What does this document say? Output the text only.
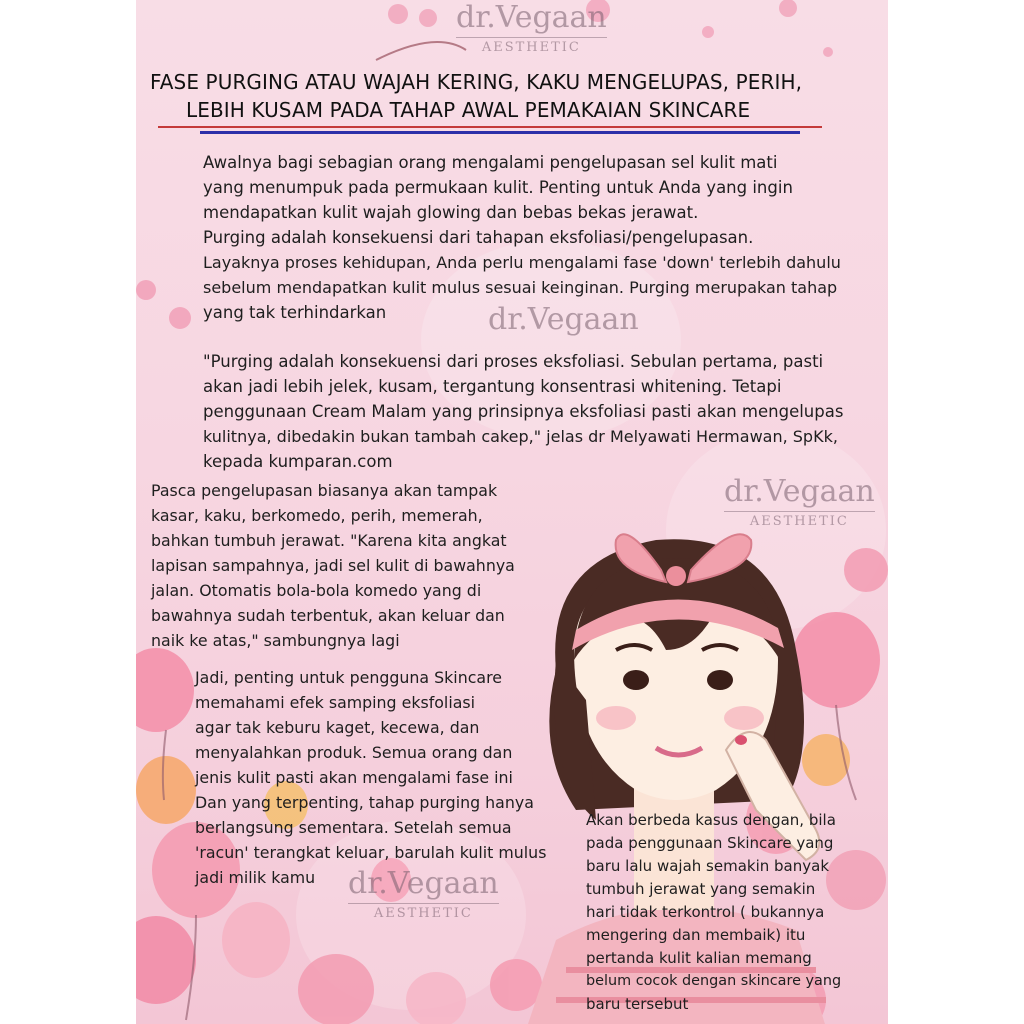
dr.Vegaan
AESTHETIC
dr.Vegaan
dr.Vegaan
AESTHETIC
dr.Vegaan
AESTHETIC
FASE PURGING ATAU WAJAH KERING, KAKU MENGELUPAS, PERIH,
LEBIH KUSAM PADA TAHAP AWAL PEMAKAIAN SKINCARE
Awalnya bagi sebagian orang mengalami pengelupasan sel kulit mati
yang menumpuk pada permukaan kulit. Penting untuk Anda yang ingin
mendapatkan kulit wajah glowing dan bebas bekas jerawat.
Purging adalah konsekuensi dari tahapan eksfoliasi/pengelupasan.
Layaknya proses kehidupan, Anda perlu mengalami fase 'down' terlebih dahulu
sebelum mendapatkan kulit mulus sesuai keinginan. Purging merupakan tahap
yang tak terhindarkan
"Purging adalah konsekuensi dari proses eksfoliasi. Sebulan pertama, pasti
akan jadi lebih jelek, kusam, tergantung konsentrasi whitening. Tetapi
penggunaan Cream Malam yang prinsipnya eksfoliasi pasti akan mengelupas
kulitnya, dibedakin bukan tambah cakep," jelas dr Melyawati Hermawan, SpKk,
kepada kumparan.com
Pasca pengelupasan biasanya akan tampak
kasar, kaku, berkomedo, perih, memerah,
bahkan tumbuh jerawat. "Karena kita angkat
lapisan sampahnya, jadi sel kulit di bawahnya
jalan. Otomatis bola-bola komedo yang di
bawahnya sudah terbentuk, akan keluar dan
naik ke atas," sambungnya lagi
Jadi, penting untuk pengguna Skincare
memahami efek samping eksfoliasi
agar tak keburu kaget, kecewa, dan
menyalahkan produk. Semua orang dan
jenis kulit pasti akan mengalami fase ini
Dan yang terpenting, tahap purging hanya
berlangsung sementara. Setelah semua
'racun' terangkat keluar, barulah kulit mulus
jadi milik kamu
Akan berbeda kasus dengan, bila
pada penggunaan Skincare yang
baru lalu wajah semakin banyak
tumbuh jerawat yang semakin
hari tidak terkontrol ( bukannya
mengering dan membaik) itu
pertanda kulit kalian memang
belum cocok dengan skincare yang
baru tersebut
